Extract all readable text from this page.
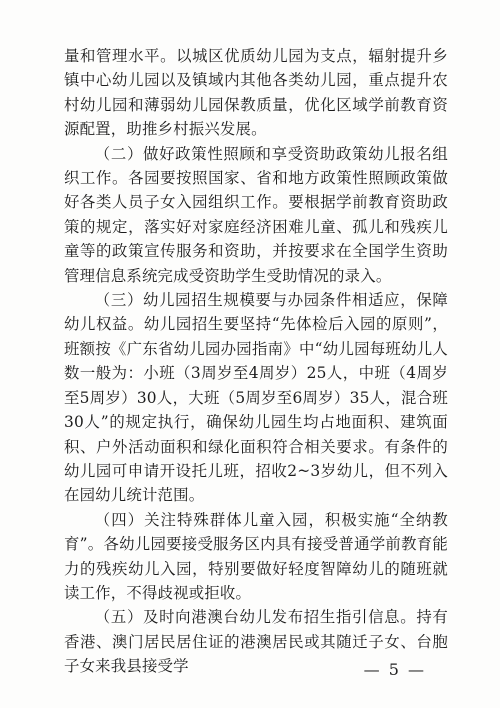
量和管理水平。以城区优质幼儿园为支点，辐射提升乡镇中心幼儿园以及镇域内其他各类幼儿园，重点提升农村幼儿园和薄弱幼儿园保教质量，优化区域学前教育资源配置，助推乡村振兴发展。

（二）做好政策性照顾和享受资助政策幼儿报名组织工作。各园要按照国家、省和地方政策性照顾政策做好各类人员子女入园组织工作。要根据学前教育资助政策的规定，落实好对家庭经济困难儿童、孤儿和残疾儿童等的政策宣传服务和资助，并按要求在全国学生资助管理信息系统完成受资助学生受助情况的录入。

（三）幼儿园招生规模要与办园条件相适应，保障幼儿权益。幼儿园招生要坚持“先体检后入园的原则”，班额按《广东省幼儿园办园指南》中“幼儿园每班幼儿人数一般为：小班（3周岁至4周岁）25人，中班（4周岁至5周岁）30人，大班（5周岁至6周岁）35人，混合班30人”的规定执行，确保幼儿园生均占地面积、建筑面积、户外活动面积和绿化面积符合相关要求。有条件的幼儿园可申请开设托儿班，招收2~3岁幼儿，但不列入在园幼儿统计范围。

（四）关注特殊群体儿童入园，积极实施“全纳教育”。各幼儿园要接受服务区内具有接受普通学前教育能力的残疾幼儿入园，特别要做好轻度智障幼儿的随班就读工作，不得歧视或拒收。

（五）及时向港澳台幼儿发布招生指引信息。持有香港、澳门居民居住证的港澳居民或其随迁子女、台胞子女来我县接受学	— 5 —
